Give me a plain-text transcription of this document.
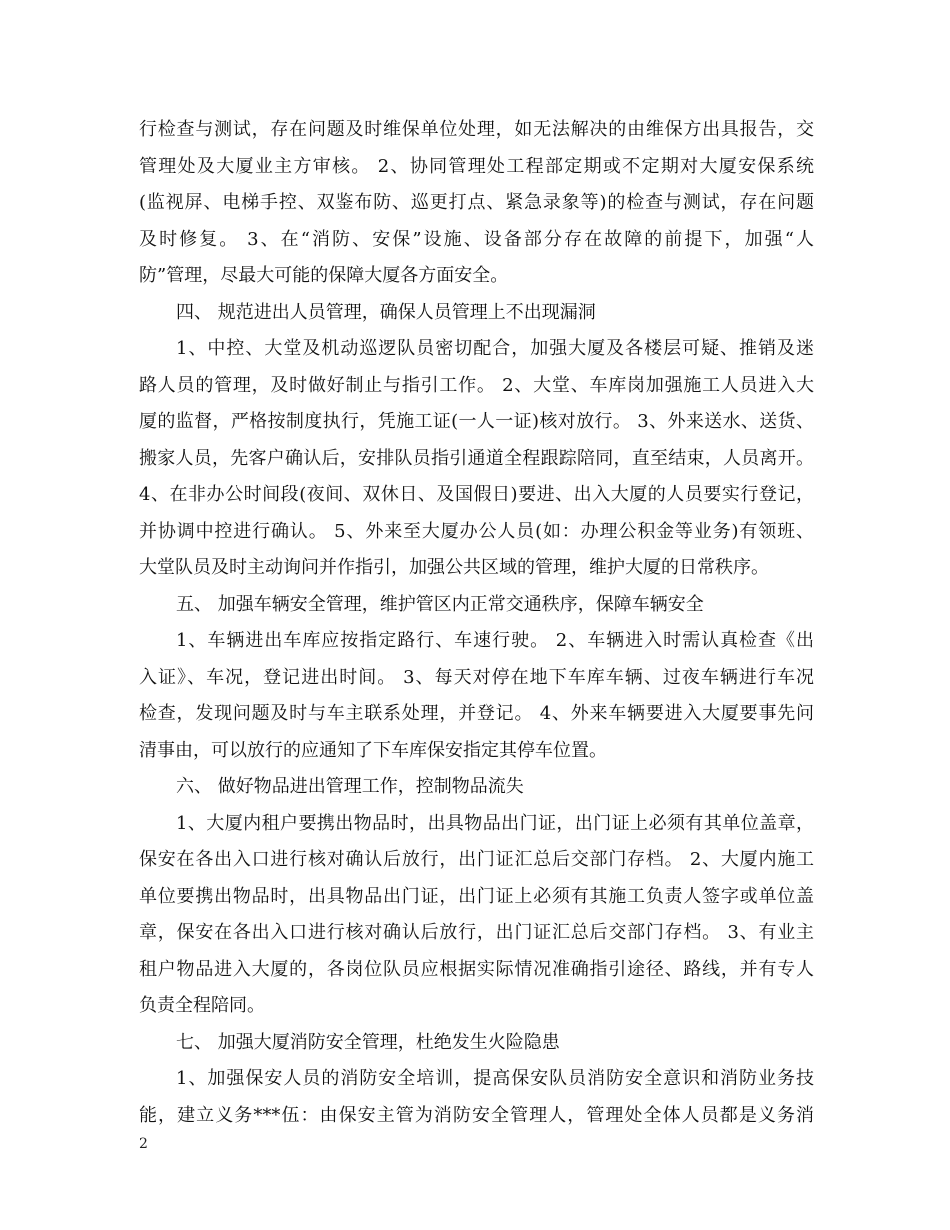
行检查与测试，存在问题及时维保单位处理，如无法解决的由维保方出具报告，交
管理处及大厦业主方审核。 2、协同管理处工程部定期或不定期对大厦安保系统
(监视屏、电梯手控、双鉴布防、巡更打点、紧急录象等)的检查与测试，存在问题
及时修复。 3、在“消防、安保”设施、设备部分存在故障的前提下，加强“人
防”管理，尽最大可能的保障大厦各方面安全。
四、 规范进出人员管理，确保人员管理上不出现漏洞
1、中控、大堂及机动巡逻队员密切配合，加强大厦及各楼层可疑、推销及迷
路人员的管理，及时做好制止与指引工作。 2、大堂、车库岗加强施工人员进入大
厦的监督，严格按制度执行，凭施工证(一人一证)核对放行。 3、外来送水、送货、
搬家人员，先客户确认后，安排队员指引通道全程跟踪陪同，直至结束，人员离开。
4、在非办公时间段(夜间、双休日、及国假日)要进、出入大厦的人员要实行登记，
并协调中控进行确认。 5、外来至大厦办公人员(如：办理公积金等业务)有领班、
大堂队员及时主动询问并作指引，加强公共区域的管理，维护大厦的日常秩序。
五、 加强车辆安全管理，维护管区内正常交通秩序，保障车辆安全
1、车辆进出车库应按指定路行、车速行驶。 2、车辆进入时需认真检查《出
入证》、车况，登记进出时间。 3、每天对停在地下车库车辆、过夜车辆进行车况
检查，发现问题及时与车主联系处理，并登记。 4、外来车辆要进入大厦要事先问
清事由，可以放行的应通知了下车库保安指定其停车位置。
六、 做好物品进出管理工作，控制物品流失
1、大厦内租户要携出物品时，出具物品出门证，出门证上必须有其单位盖章，
保安在各出入口进行核对确认后放行，出门证汇总后交部门存档。 2、大厦内施工
单位要携出物品时，出具物品出门证，出门证上必须有其施工负责人签字或单位盖
章，保安在各出入口进行核对确认后放行，出门证汇总后交部门存档。 3、有业主
租户物品进入大厦的，各岗位队员应根据实际情况准确指引途径、路线，并有专人
负责全程陪同。
七、 加强大厦消防安全管理，杜绝发生火险隐患
1、加强保安人员的消防安全培训，提高保安队员消防安全意识和消防业务技
能，建立义务***伍：由保安主管为消防安全管理人，管理处全体人员都是义务消
2
